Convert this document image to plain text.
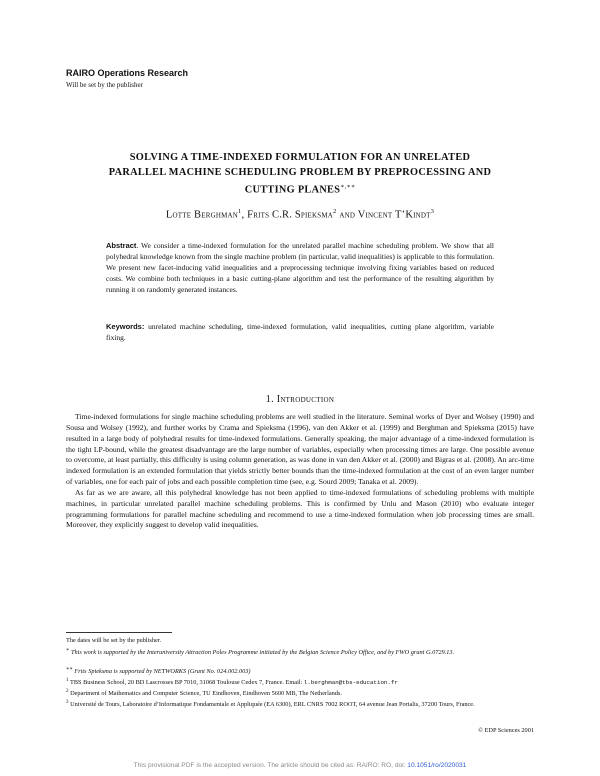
RAIRO Operations Research
Will be set by the publisher
SOLVING A TIME-INDEXED FORMULATION FOR AN UNRELATED
PARALLEL MACHINE SCHEDULING PROBLEM BY PREPROCESSING AND
CUTTING PLANES∗,∗∗
Lotte Berghman$^1$, Frits C.R. Spieksma$^2$ and Vincent T’Kindt$^3$
Abstract. We consider a time-indexed formulation for the unrelated parallel machine scheduling problem. We show that all polyhedral knowledge known from the single machine problem (in particular, valid inequalities) is applicable to this formulation. We present new facet-inducing valid inequalities and a preprocessing technique involving fixing variables based on reduced costs. We combine both techniques in a basic cutting-plane algorithm and test the performance of the resulting algorithm by running it on randomly generated instances.
Keywords: unrelated machine scheduling, time-indexed formulation, valid inequalities, cutting plane algorithm, variable fixing.
1. Introduction

Time-indexed formulations for single machine scheduling problems are well studied in the literature. Seminal works of Dyer and Wolsey (1990) and Sousa and Wolsey (1992), and further works by Crama and Spieksma (1996), van den Akker et al. (1999) and Berghman and Spieksma (2015) have resulted in a large body of polyhedral results for time-indexed formulations. Generally speaking, the major advantage of a time-indexed formulation is the tight LP-bound, while the greatest disadvantage are the large number of variables, especially when processing times are large. One possible avenue to overcome, at least partially, this difficulty is using column generation, as was done in van den Akker et al. (2000) and Bigras et al. (2008). An arc-time indexed formulation is an extended formulation that yields strictly better bounds than the time-indexed formulation at the cost of an even larger number of variables, one for each pair of jobs and each possible completion time (see, e.g. Sourd 2009; Tanaka et al. 2009).

As far as we are aware, all this polyhedral knowledge has not been applied to time-indexed formulations of scheduling problems with multiple machines, in particular unrelated parallel machine scheduling problems. This is confirmed by Unlu and Mason (2010) who evaluate integer programming formulations for parallel machine scheduling and recommend to use a time-indexed formulation when job processing times are small. Moreover, they explicitly suggest to develop valid inequalities.

The dates will be set by the publisher.
∗ This work is supported by the Interuniversity Attraction Poles Programme initiated by the Belgian Science Policy Office, and by FWO grant G.0729.13.
∗∗ Frits Spieksma is supported by NETWORKS (Grant No. 024.002.003)
$^1$ TBS Business School, 20 BD Lascrosses BP 7010, 31068 Toulouse Cedex 7, France. Email: l.berghman@tbs-education.fr
$^2$ Department of Mathematics and Computer Science, TU Eindhoven, Eindhoven 5600 MB, The Netherlands.
$^3$ Université de Tours, Laboratoire d’Informatique Fondamentale et Appliquée (EA 6300), ERL CNRS 7002 ROOT, 64 avenue Jean Portalis, 37200 Tours, France.
© EDP Sciences 2001
This provisional PDF is the accepted version. The article should be cited as: RAIRO: RO, doi: 10.1051/ro/2020031
